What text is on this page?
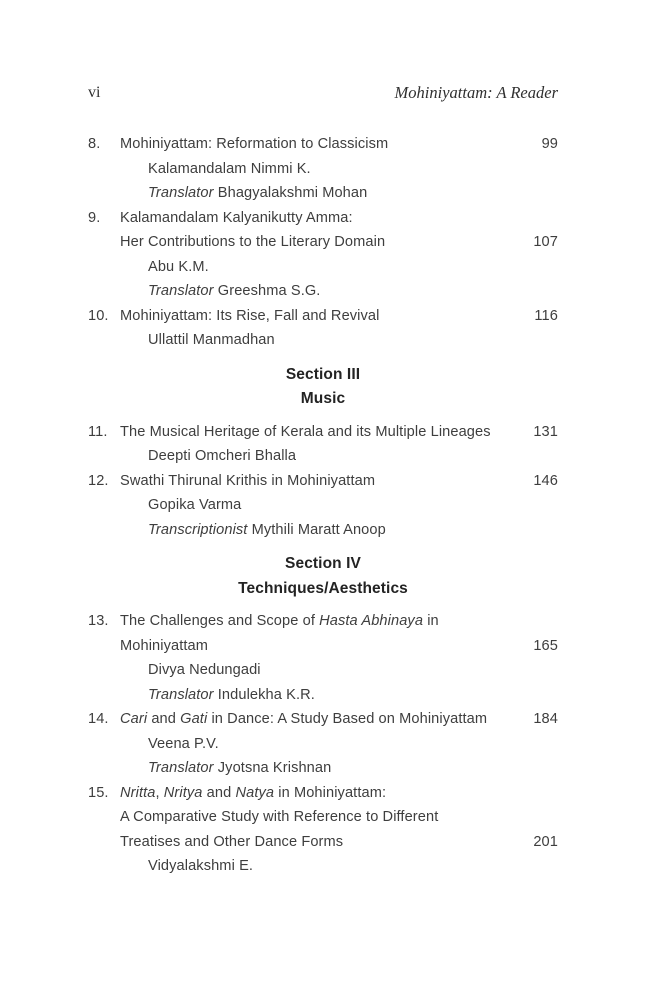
vi	Mohiniyattam: A Reader
8.	Mohiniyattam: Reformation to Classicism	99
Kalamandalam Nimmi K.
Translator Bhagyalakshmi Mohan
9.	Kalamandalam Kalyanikutty Amma:
Her Contributions to the Literary Domain	107
Abu K.M.
Translator Greeshma S.G.
10. Mohiniyattam: Its Rise, Fall and Revival	116
Ullattil Manmadhan
Section III
Music
11. The Musical Heritage of Kerala and its Multiple Lineages	131
Deepti Omcheri Bhalla
12. Swathi Thirunal Krithis in Mohiniyattam	146
Gopika Varma
Transcriptionist Mythili Maratt Anoop
Section IV
Techniques/Aesthetics
13. The Challenges and Scope of Hasta Abhinaya in
Mohiniyattam	165
Divya Nedungadi
Translator Indulekha K.R.
14. Cari and Gati in Dance: A Study Based on Mohiniyattam	184
Veena P.V.
Translator Jyotsna Krishnan
15. Nritta, Nritya and Natya in Mohiniyattam:
A Comparative Study with Reference to Different
Treatises and Other Dance Forms	201
Vidyalakshmi E.
